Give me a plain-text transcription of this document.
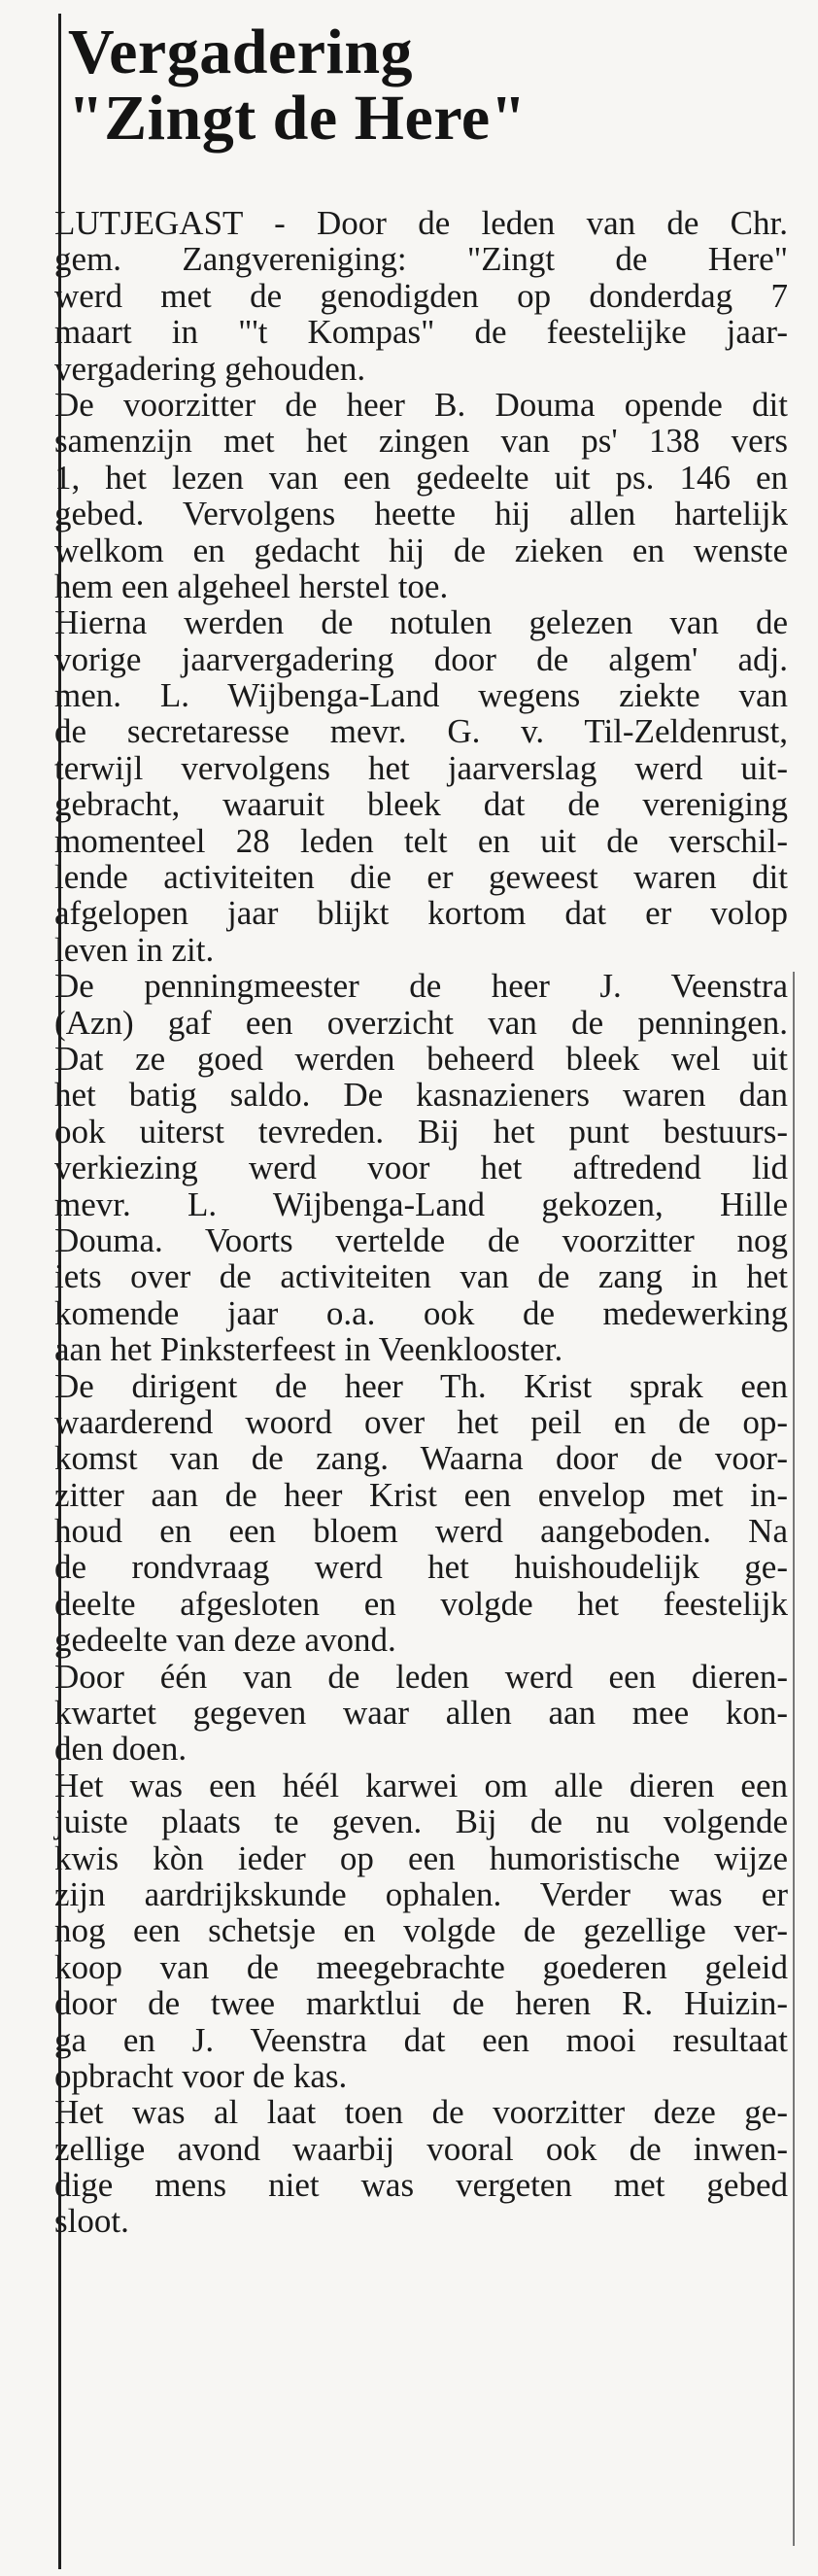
Vergadering
"Zingt de Here"

LUTJEGAST - Door de leden van de Chr.
gem. Zangvereniging: "Zingt de Here"
werd met de genodigden op donderdag 7
maart in "'t Kompas" de feestelijke jaar-
vergadering gehouden.

De voorzitter de heer B. Douma opende dit
samenzijn met het zingen van ps' 138 vers
1, het lezen van een gedeelte uit ps. 146 en
gebed. Vervolgens heette hij allen hartelijk
welkom en gedacht hij de zieken en wenste
hem een algeheel herstel toe.

Hierna werden de notulen gelezen van de
vorige jaarvergadering door de algem' adj.
men. L. Wijbenga-Land wegens ziekte van
de secretaresse mevr. G. v. Til-Zeldenrust,
terwijl vervolgens het jaarverslag werd uit-
gebracht, waaruit bleek dat de vereniging
momenteel 28 leden telt en uit de verschil-
lende activiteiten die er geweest waren dit
afgelopen jaar blijkt kortom dat er volop
leven in zit.

De penningmeester de heer J. Veenstra
(Azn) gaf een overzicht van de penningen.
Dat ze goed werden beheerd bleek wel uit
het batig saldo. De kasnazieners waren dan
ook uiterst tevreden. Bij het punt bestuurs-
verkiezing werd voor het aftredend lid
mevr. L. Wijbenga-Land gekozen, Hille
Douma. Voorts vertelde de voorzitter nog
iets over de activiteiten van de zang in het
komende jaar o.a. ook de medewerking
aan het Pinksterfeest in Veenklooster.

De dirigent de heer Th. Krist sprak een
waarderend woord over het peil en de op-
komst van de zang. Waarna door de voor-
zitter aan de heer Krist een envelop met in-
houd en een bloem werd aangeboden. Na
de rondvraag werd het huishoudelijk ge-
deelte afgesloten en volgde het feestelijk
gedeelte van deze avond.

Door één van de leden werd een dieren-
kwartet gegeven waar allen aan mee kon-
den doen.

Het was een héél karwei om alle dieren een
juiste plaats te geven. Bij de nu volgende
kwis kòn ieder op een humoristische wijze
zijn aardrijkskunde ophalen. Verder was er
nog een schetsje en volgde de gezellige ver-
koop van de meegebrachte goederen geleid
door de twee marktlui de heren R. Huizin-
ga en J. Veenstra dat een mooi resultaat
opbracht voor de kas.

Het was al laat toen de voorzitter deze ge-
zellige avond waarbij vooral ook de inwen-
dige mens niet was vergeten met gebed
sloot.
